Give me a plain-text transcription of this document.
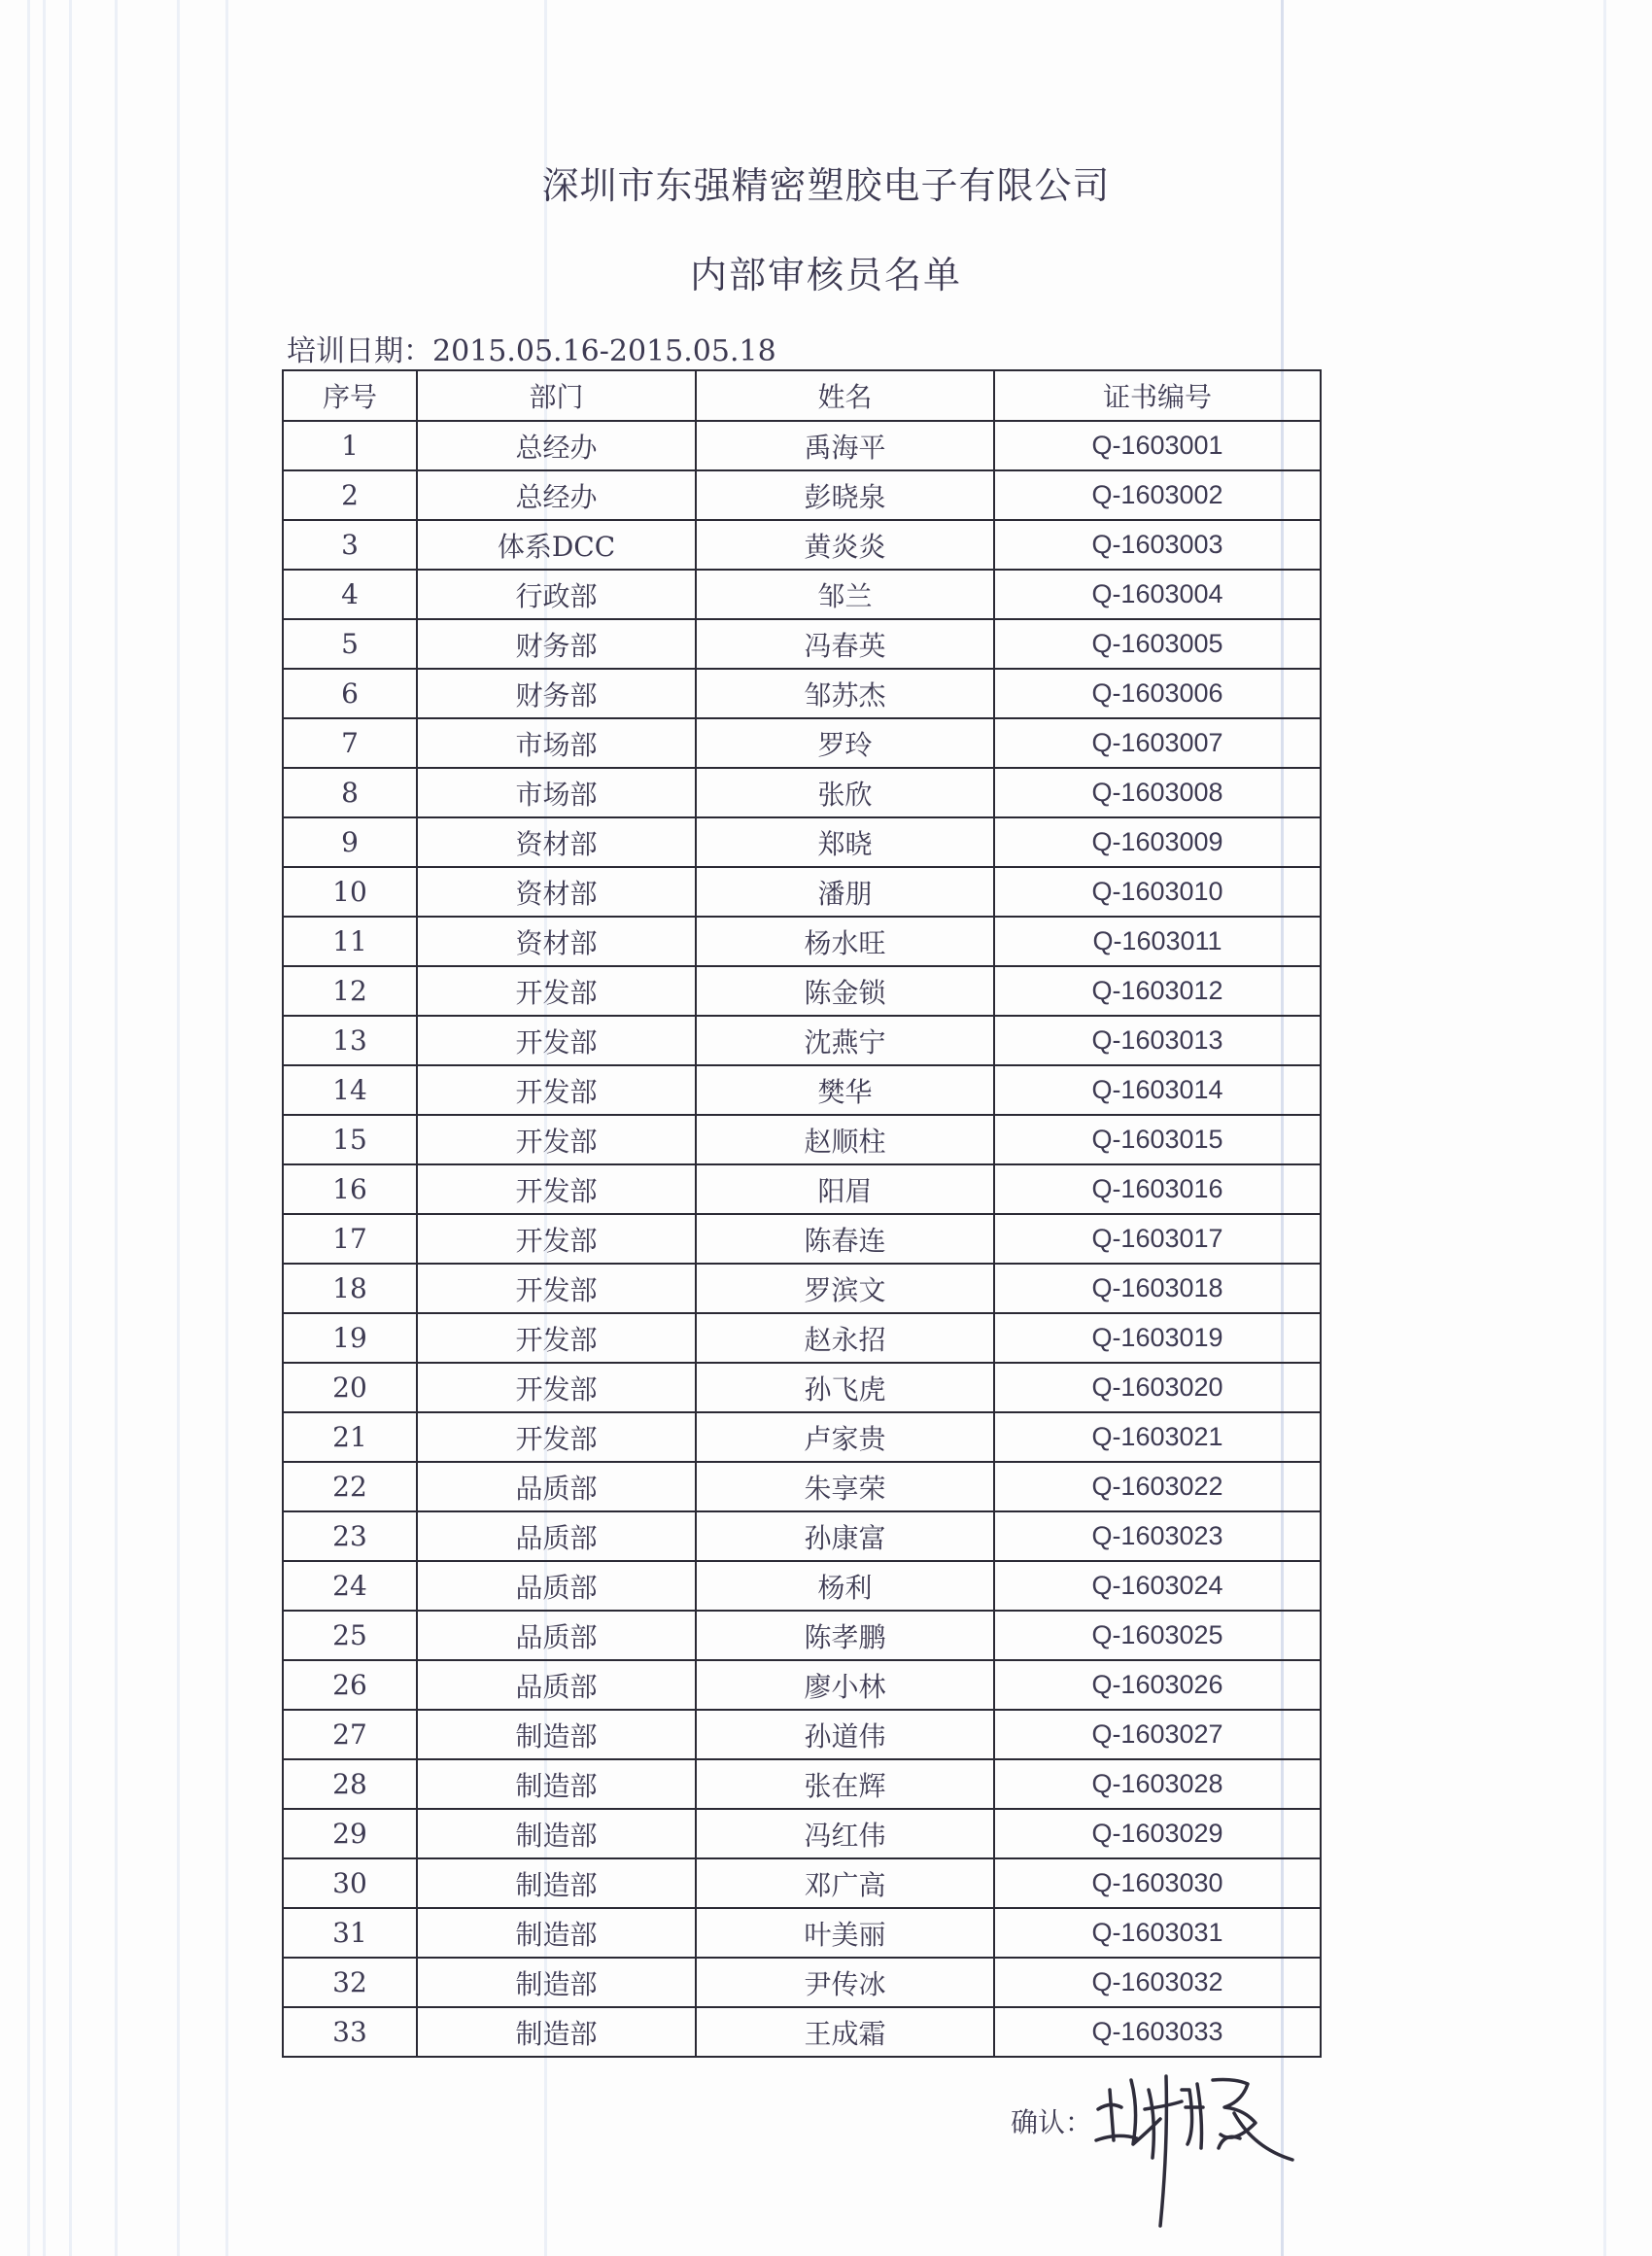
深圳市东强精密塑胶电子有限公司
内部审核员名单
培训日期：2015.05.16-2015.05.18
序号	部门	姓名	证书编号
1	总经办	禹海平	Q-1603001
2	总经办	彭晓泉	Q-1603002
3	体系DCC	黄炎炎	Q-1603003
4	行政部	邹兰	Q-1603004
5	财务部	冯春英	Q-1603005
6	财务部	邹苏杰	Q-1603006
7	市场部	罗玲	Q-1603007
8	市场部	张欣	Q-1603008
9	资材部	郑晓	Q-1603009
10	资材部	潘朋	Q-1603010
11	资材部	杨水旺	Q-1603011
12	开发部	陈金锁	Q-1603012
13	开发部	沈燕宁	Q-1603013
14	开发部	樊华	Q-1603014
15	开发部	赵顺柱	Q-1603015
16	开发部	阳眉	Q-1603016
17	开发部	陈春连	Q-1603017
18	开发部	罗滨文	Q-1603018
19	开发部	赵永招	Q-1603019
20	开发部	孙飞虎	Q-1603020
21	开发部	卢家贵	Q-1603021
22	品质部	朱享荣	Q-1603022
23	品质部	孙康富	Q-1603023
24	品质部	杨利	Q-1603024
25	品质部	陈孝鹏	Q-1603025
26	品质部	廖小林	Q-1603026
27	制造部	孙道伟	Q-1603027
28	制造部	张在辉	Q-1603028
29	制造部	冯红伟	Q-1603029
30	制造部	邓广高	Q-1603030
31	制造部	叶美丽	Q-1603031
32	制造部	尹传冰	Q-1603032
33	制造部	王成霜	Q-1603033
确认：
